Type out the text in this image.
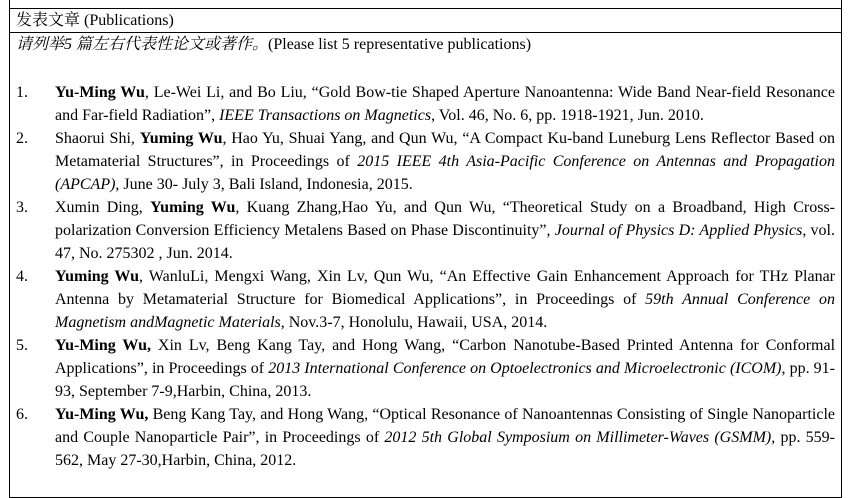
发表文章 (Publications)
请列举5 篇左右代表性论文或著作。(Please list 5 representative publications)
1. Yu-Ming Wu, Le-Wei Li, and Bo Liu, “Gold Bow-tie Shaped Aperture Nanoantenna: Wide Band Near-field Resonance and Far-field Radiation”, IEEE Transactions on Magnetics, Vol. 46, No. 6, pp. 1918-1921, Jun. 2010.
2. Shaorui Shi, Yuming Wu, Hao Yu, Shuai Yang, and Qun Wu, “A Compact Ku-band Luneburg Lens Reflector Based on Metamaterial Structures”, in Proceedings of 2015 IEEE 4th Asia-Pacific Conference on Antennas and Propagation (APCAP), June 30- July 3, Bali Island, Indonesia, 2015.
3. Xumin Ding, Yuming Wu, Kuang Zhang,Hao Yu, and Qun Wu, “Theoretical Study on a Broadband, High Cross-polarization Conversion Efficiency Metalens Based on Phase Discontinuity”, Journal of Physics D: Applied Physics, vol. 47, No. 275302 , Jun. 2014.
4. Yuming Wu, WanluLi, Mengxi Wang, Xin Lv, Qun Wu, “An Effective Gain Enhancement Approach for THz Planar Antenna by Metamaterial Structure for Biomedical Applications”, in Proceedings of 59th Annual Conference on Magnetism andMagnetic Materials, Nov.3-7, Honolulu, Hawaii, USA, 2014.
5. Yu-Ming Wu, Xin Lv, Beng Kang Tay, and Hong Wang, “Carbon Nanotube-Based Printed Antenna for Conformal Applications”, in Proceedings of 2013 International Conference on Optoelectronics and Microelectronic (ICOM), pp. 91-93, September 7-9,Harbin, China, 2013.
6. Yu-Ming Wu, Beng Kang Tay, and Hong Wang, “Optical Resonance of Nanoantennas Consisting of Single Nanoparticle and Couple Nanoparticle Pair”, in Proceedings of 2012 5th Global Symposium on Millimeter-Waves (GSMM), pp. 559-562, May 27-30,Harbin, China, 2012.
